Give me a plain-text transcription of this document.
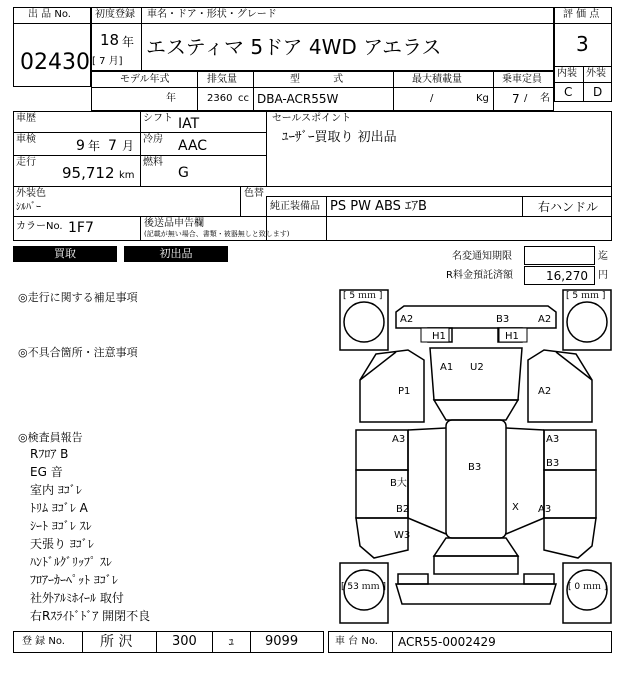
出 品 No.
02430
初度登録 車名・ドア・形状・グレード
18 年
[ 7 月]
エスティマ 5ドア 4WD アエラス
評 価 点
3
内装 外装
C D
モデル年式	排気量	型 式	最大積載量	乗車定員
年	2360 cc DBA-ACR55W	/	Kg 7 / 名
車歴	シフト IAT	セールスポイント
ﾕｰｻﾞｰ買取り 初出品
車検	9 年 7 月 冷房 AAC
走行
95,712 km
燃料
G
外装色
ｼﾙﾊﾞｰ
色替
純正装備品 PS PW ABS ｴｱB	右ハンドル
カラーNo. 1F7	後送品申告欄
(記載が無い場合、書類・被器無しと致します)
買取	初出品	名変通知期限	迄
R料金預託済額	16,270 円
◎走行に関する補足事項
◎不具合箇所・注意事項
◎検査員報告
Rﾌﾛｱ B
EG 音
室内 ﾖｺﾞﾚ
ﾄﾘﾑ ﾖｺﾞﾚ A
ｼｰﾄ ﾖｺﾞﾚ ｽﾚ
天張り ﾖｺﾞﾚ
ﾊﾝﾄﾞﾙｸﾞﾘｯﾌﾟ ｽﾚ
ﾌﾛｱｰｶｰﾍﾟｯﾄ ﾖｺﾞﾚ
社外ｱﾙﾐﾎｲｰﾙ 取付
右Rｽﾗｲﾄﾞﾄﾞｱ 開閉不良
[ 5 ｍｍ ]	[ 5 ｍｍ ]
[ 53 ｍｍ ]	[ 0 ｍｍ ]
A2	B3	A2
H1	H1
A1 U2
P1	A2
A3	A3
B3	B3
B大
B2	X A3
W3
登 録 No.	所 沢	300 ｭ 9099	車 台 No. ACR55-0002429
